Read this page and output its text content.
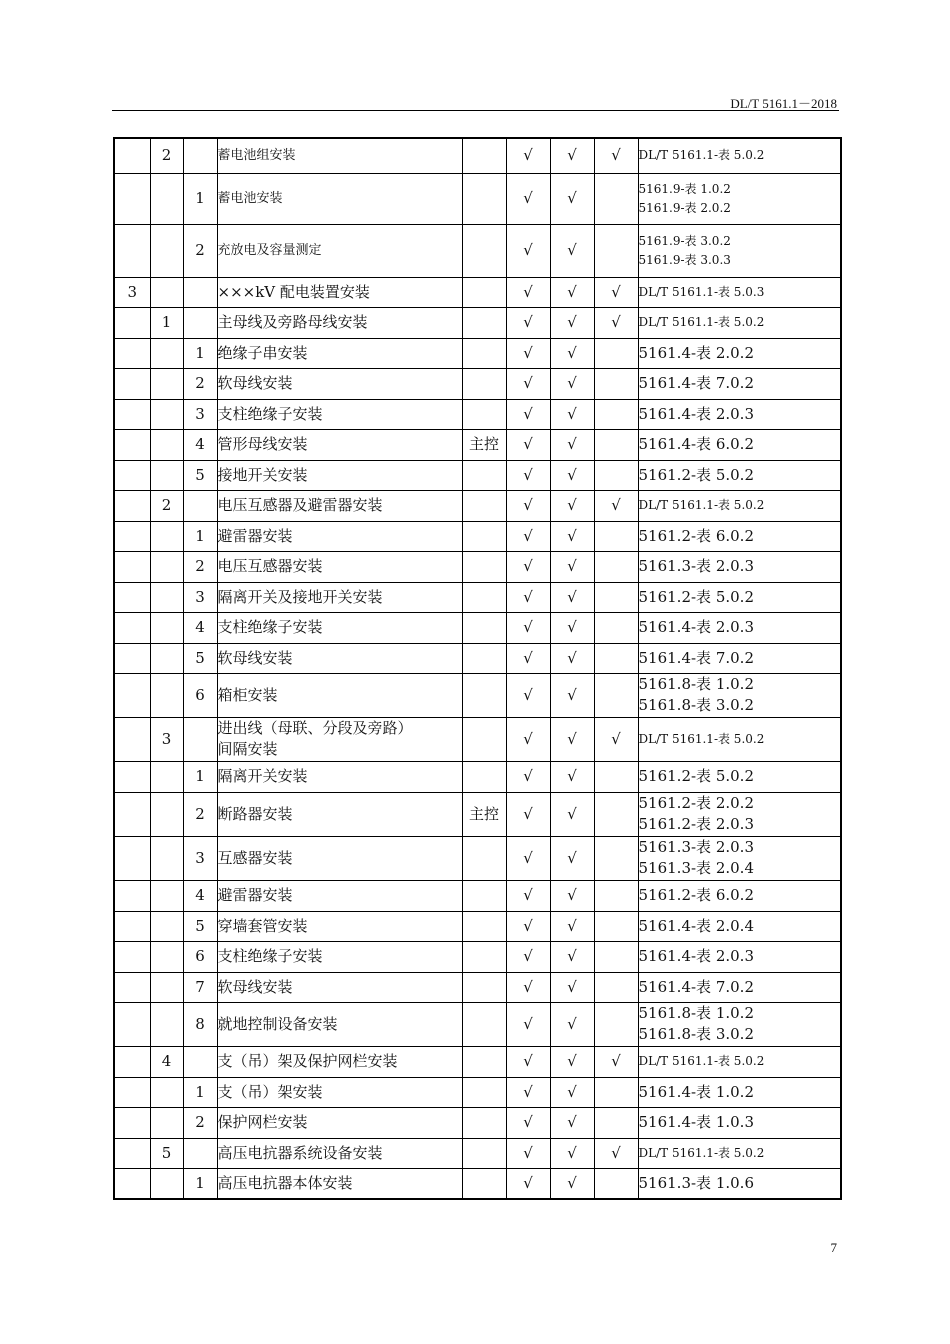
DL/T 5161.1－2018
	2		蓄电池组安装		√	√	√	DL/T 5161.1-表 5.0.2

		1	蓄电池安装		√	√		5161.9-表 1.0.2
5161.9-表 2.0.2

		2	充放电及容量测定		√	√		5161.9-表 3.0.2
5161.9-表 3.0.3

3			×××kV 配电装置安装		√	√	√	DL/T 5161.1-表 5.0.3

	1		主母线及旁路母线安装		√	√	√	DL/T 5161.1-表 5.0.2

		1	绝缘子串安装		√	√		5161.4-表 2.0.2

		2	软母线安装		√	√		5161.4-表 7.0.2

		3	支柱绝缘子安装		√	√		5161.4-表 2.0.3

		4	管形母线安装	主控	√	√		5161.4-表 6.0.2

		5	接地开关安装		√	√		5161.2-表 5.0.2

	2		电压互感器及避雷器安装		√	√	√	DL/T 5161.1-表 5.0.2

		1	避雷器安装		√	√		5161.2-表 6.0.2

		2	电压互感器安装		√	√		5161.3-表 2.0.3

		3	隔离开关及接地开关安装		√	√		5161.2-表 5.0.2

		4	支柱绝缘子安装		√	√		5161.4-表 2.0.3

		5	软母线安装		√	√		5161.4-表 7.0.2

		6	箱柜安装		√	√		5161.8-表 1.0.2
5161.8-表 3.0.2

	3		进出线（母联、分段及旁路）
间隔安装		√	√	√	DL/T 5161.1-表 5.0.2

		1	隔离开关安装		√	√		5161.2-表 5.0.2

		2	断路器安装	主控	√	√		5161.2-表 2.0.2
5161.2-表 2.0.3

		3	互感器安装		√	√		5161.3-表 2.0.3
5161.3-表 2.0.4

		4	避雷器安装		√	√		5161.2-表 6.0.2

		5	穿墙套管安装		√	√		5161.4-表 2.0.4

		6	支柱绝缘子安装		√	√		5161.4-表 2.0.3

		7	软母线安装		√	√		5161.4-表 7.0.2

		8	就地控制设备安装		√	√		5161.8-表 1.0.2
5161.8-表 3.0.2

	4		支（吊）架及保护网栏安装		√	√	√	DL/T 5161.1-表 5.0.2

		1	支（吊）架安装		√	√		5161.4-表 1.0.2

		2	保护网栏安装		√	√		5161.4-表 1.0.3

	5		高压电抗器系统设备安装		√	√	√	DL/T 5161.1-表 5.0.2

		1	高压电抗器本体安装		√	√		5161.3-表 1.0.6
7
